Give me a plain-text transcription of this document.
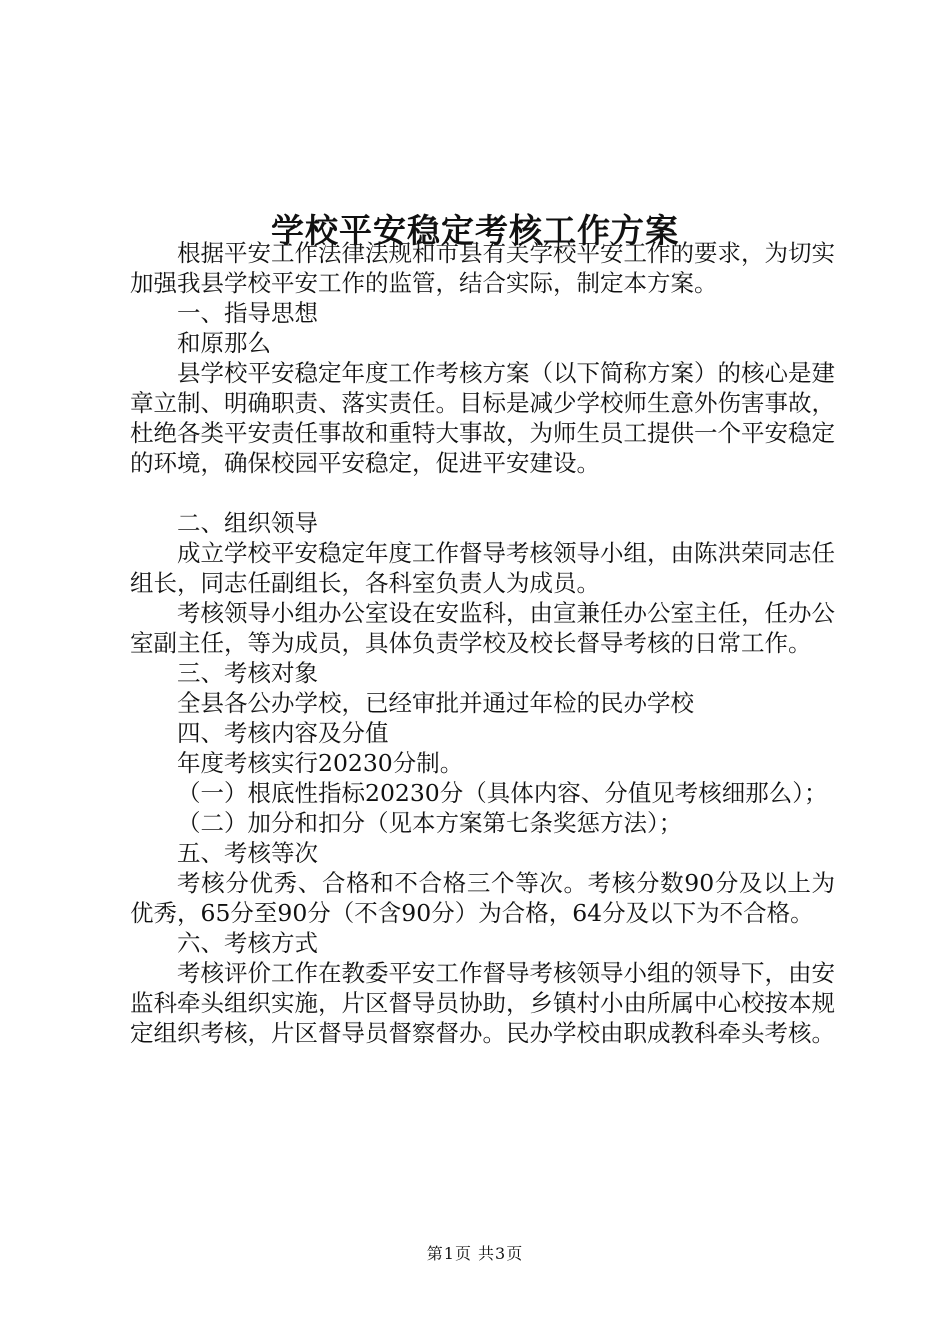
学校平安稳定考核工作方案

根据平安工作法律法规和市县有关学校平安工作的要求，为切实加强我县学校平安工作的监管，结合实际，制定本方案。

一、指导思想

和原那么

县学校平安稳定年度工作考核方案（以下简称方案）的核心是建章立制、明确职责、落实责任。目标是减少学校师生意外伤害事故，杜绝各类平安责任事故和重特大事故，为师生员工提供一个平安稳定的环境，确保校园平安稳定，促进平安建设。

二、组织领导

成立学校平安稳定年度工作督导考核领导小组，由陈洪荣同志任组长，同志任副组长，各科室负责人为成员。

考核领导小组办公室设在安监科，由宣兼任办公室主任，任办公室副主任，等为成员，具体负责学校及校长督导考核的日常工作。

三、考核对象

全县各公办学校，已经审批并通过年检的民办学校

四、考核内容及分值

年度考核实行20230分制。

（一）根底性指标20230分（具体内容、分值见考核细那么）；

（二）加分和扣分（见本方案第七条奖惩方法）；

五、考核等次

考核分优秀、合格和不合格三个等次。考核分数90分及以上为优秀，65分至90分（不含90分）为合格，64分及以下为不合格。

六、考核方式

考核评价工作在教委平安工作督导考核领导小组的领导下，由安监科牵头组织实施，片区督导员协助，乡镇村小由所属中心校按本规定组织考核，片区督导员督察督办。民办学校由职成教科牵头考核。

第1页 共3页
